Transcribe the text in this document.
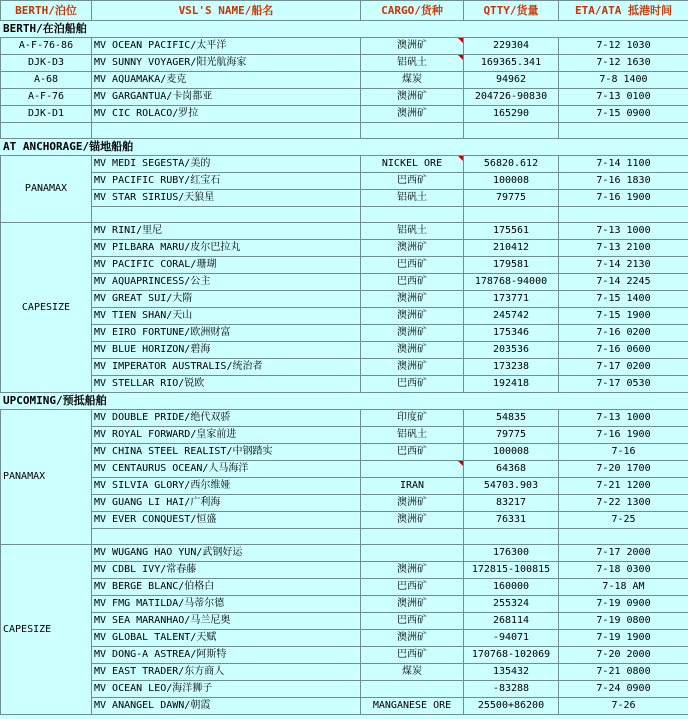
BERTH/泊位	VSL'S NAME/船名	CARGO/货种	QTTY/货量	ETA/ATA 抵港时间
BERTH/在泊船舶				
A-F-76-86	MV OCEAN PACIFIC/太平洋	澳洲矿	229304	7-12 1030
DJK-D3	MV SUNNY VOYAGER/阳光航海家	铝矾土	169365.341	7-12 1630
A-68	MV AQUAMAKA/麦克	煤炭	94962	7-8 1400
A-F-76	MV GARGANTUA/卡岗都亚	澳洲矿	204726-90830	7-13 0100
DJK-D1	MV CIC ROLACO/罗拉	澳洲矿	165290	7-15 0900

AT ANCHORAGE/锚地船舶				
PANAMAX	MV MEDI SEGESTA/美的	NICKEL ORE	56820.612	7-14 1100
	MV PACIFIC RUBY/红宝石	巴西矿	100008	7-16 1830
	MV STAR SIRIUS/天狼星	铝矾土	79775	7-16 1900

CAPESIZE	MV RINI/里尼	铝矾土	175561	7-13 1000
	MV PILBARA MARU/皮尔巴拉丸	澳洲矿	210412	7-13 2100
	MV PACIFIC CORAL/珊瑚	巴西矿	179581	7-14 2130
	MV AQUAPRINCESS/公主	巴西矿	178768-94000	7-14 2245
	MV GREAT SUI/大隋	澳洲矿	173771	7-15 1400
	MV TIEN SHAN/天山	澳洲矿	245742	7-15 1900
	MV EIRO FORTUNE/欧洲财富	澳洲矿	175346	7-16 0200
	MV BLUE HORIZON/碧海	澳洲矿	203536	7-16 0600
	MV IMPERATOR AUSTRALIS/统治者	澳洲矿	173238	7-17 0200
	MV STELLAR RIO/锐欧	巴西矿	192418	7-17 0530
UPCOMING/预抵船舶				
PANAMAX	MV DOUBLE PRIDE/绝代双骄	印度矿	54835	7-13 1000
	MV ROYAL FORWARD/皇家前进	铝矾土	79775	7-16 1900
	MV CHINA STEEL REALIST/中钢踏实	巴西矿	100008	7-16
	MV CENTAURUS OCEAN/人马海洋		64368	7-20 1700
	MV SILVIA GLORY/西尔维娅	IRAN	54703.903	7-21 1200
	MV GUANG LI HAI/广利海	澳洲矿	83217	7-22 1300
	MV EVER CONQUEST/恒盛	澳洲矿	76331	7-25

CAPESIZE	MV WUGANG HAO YUN/武钢好运		176300	7-17 2000
	MV CDBL IVY/常春藤	澳洲矿	172815-100815	7-18 0300
	MV BERGE BLANC/伯格白	巴西矿	160000	7-18 AM
	MV FMG MATILDA/马蒂尔德	澳洲矿	255324	7-19 0900
	MV SEA MARANHAO/马兰尼奥	巴西矿	268114	7-19 0800
	MV GLOBAL TALENT/天赋	澳洲矿	-94071	7-19 1900
	MV DONG-A ASTREA/阿斯特	巴西矿	170768-102069	7-20 2000
	MV EAST TRADER/东方商人	煤炭	135432	7-21 0800
	MV OCEAN LEO/海洋狮子		-83288	7-24 0900
	MV ANANGEL DAWN/朝霞	MANGANESE ORE	25500+86200	7-26
